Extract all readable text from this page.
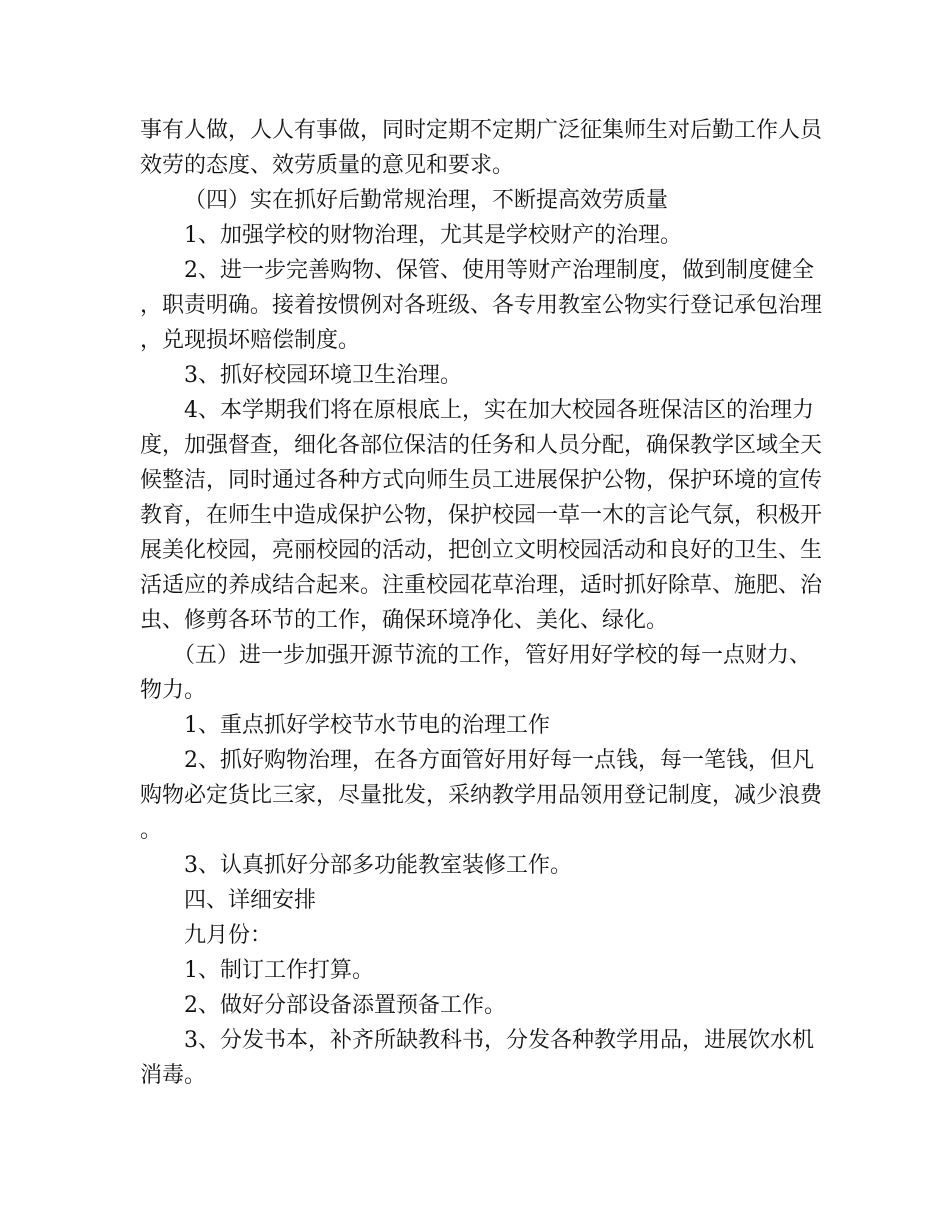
事有人做，人人有事做，同时定期不定期广泛征集师生对后勤工作人员效劳的态度、效劳质量的意见和要求。

（四）实在抓好后勤常规治理，不断提高效劳质量

1、加强学校的财物治理，尤其是学校财产的治理。

2、进一步完善购物、保管、使用等财产治理制度，做到制度健全，职责明确。接着按惯例对各班级、各专用教室公物实行登记承包治理，兑现损坏赔偿制度。

3、抓好校园环境卫生治理。

4、本学期我们将在原根底上，实在加大校园各班保洁区的治理力度，加强督查，细化各部位保洁的任务和人员分配，确保教学区域全天候整洁，同时通过各种方式向师生员工进展保护公物，保护环境的宣传教育，在师生中造成保护公物，保护校园一草一木的言论气氛，积极开展美化校园，亮丽校园的活动，把创立文明校园活动和良好的卫生、生活适应的养成结合起来。注重校园花草治理，适时抓好除草、施肥、治虫、修剪各环节的工作，确保环境净化、美化、绿化。

（五）进一步加强开源节流的工作，管好用好学校的每一点财力、物力。

1、重点抓好学校节水节电的治理工作

2、抓好购物治理，在各方面管好用好每一点钱，每一笔钱，但凡购物必定货比三家，尽量批发，采纳教学用品领用登记制度，减少浪费。

3、认真抓好分部多功能教室装修工作。

四、详细安排

九月份：

1、制订工作打算。

2、做好分部设备添置预备工作。

3、分发书本，补齐所缺教科书，分发各种教学用品，进展饮水机消毒。
